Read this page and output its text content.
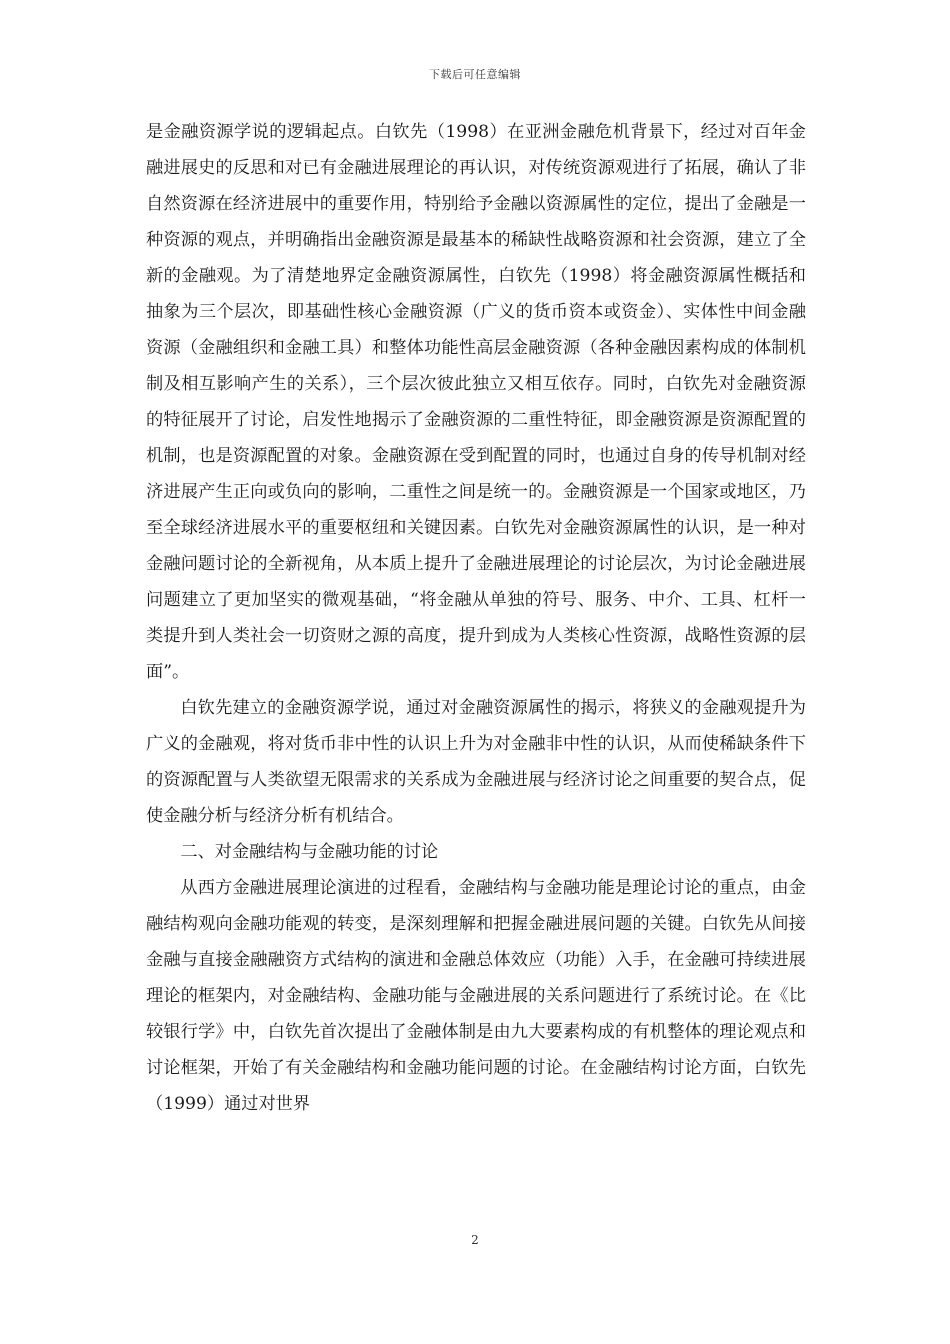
下载后可任意编辑

是金融资源学说的逻辑起点。白钦先（1998）在亚洲金融危机背景下，经过对百年金融进展史的反思和对已有金融进展理论的再认识，对传统资源观进行了拓展，确认了非自然资源在经济进展中的重要作用，特别给予金融以资源属性的定位，提出了金融是一种资源的观点，并明确指出金融资源是最基本的稀缺性战略资源和社会资源，建立了全新的金融观。为了清楚地界定金融资源属性，白钦先（1998）将金融资源属性概括和抽象为三个层次，即基础性核心金融资源（广义的货币资本或资金）、实体性中间金融资源（金融组织和金融工具）和整体功能性高层金融资源（各种金融因素构成的体制机制及相互影响产生的关系），三个层次彼此独立又相互依存。同时，白钦先对金融资源的特征展开了讨论，启发性地揭示了金融资源的二重性特征，即金融资源是资源配置的机制，也是资源配置的对象。金融资源在受到配置的同时，也通过自身的传导机制对经济进展产生正向或负向的影响，二重性之间是统一的。金融资源是一个国家或地区，乃至全球经济进展水平的重要枢纽和关键因素。白钦先对金融资源属性的认识，是一种对金融问题讨论的全新视角，从本质上提升了金融进展理论的讨论层次，为讨论金融进展问题建立了更加坚实的微观基础，“将金融从单独的符号、服务、中介、工具、杠杆一类提升到人类社会一切资财之源的高度，提升到成为人类核心性资源，战略性资源的层面”。

白钦先建立的金融资源学说，通过对金融资源属性的揭示，将狭义的金融观提升为广义的金融观，将对货币非中性的认识上升为对金融非中性的认识，从而使稀缺条件下的资源配置与人类欲望无限需求的关系成为金融进展与经济讨论之间重要的契合点，促使金融分析与经济分析有机结合。

二、对金融结构与金融功能的讨论

从西方金融进展理论演进的过程看，金融结构与金融功能是理论讨论的重点，由金融结构观向金融功能观的转变，是深刻理解和把握金融进展问题的关键。白钦先从间接金融与直接金融融资方式结构的演进和金融总体效应（功能）入手，在金融可持续进展理论的框架内，对金融结构、金融功能与金融进展的关系问题进行了系统讨论。在《比较银行学》中，白钦先首次提出了金融体制是由九大要素构成的有机整体的理论观点和讨论框架，开始了有关金融结构和金融功能问题的讨论。在金融结构讨论方面，白钦先（1999）通过对世界

2
